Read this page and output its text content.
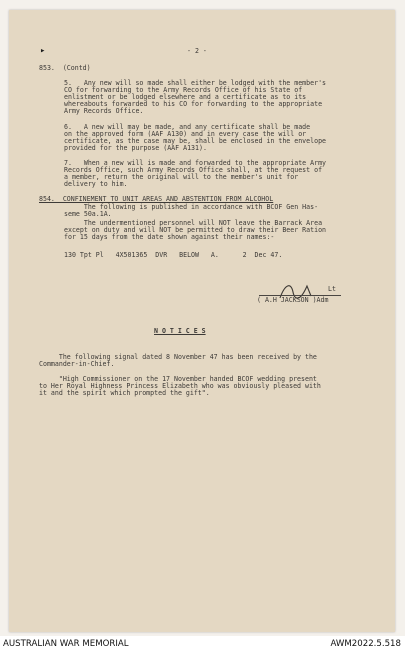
▸	- 2 -
853.  (Contd)
5.   Any new will so made shall either be lodged with the member's
CO for forwarding to the Army Records Office of his State of
enlistment or be lodged elsewhere and a certificate as to its
whereabouts forwarded to his CO for forwarding to the appropriate
Army Records Office.
6.   A new will may be made, and any certificate shall be made
on the approved form (AAF A130) and in every case the will or
certificate, as the case may be, shall be enclosed in the envelope
provided for the purpose (AAF A131).
7.   When a new will is made and forwarded to the appropriate Army
Records Office, such Army Records Office shall, at the request of
a member, return the original will to the member's unit for
delivery to him.
854.  CONFINEMENT TO UNIT AREAS AND ABSTENTION FROM ALCOHOL
The following is published in accordance with BCOF Gen Has-
seme 50a.1A.
The undermentioned personnel will NOT leave the Barrack Area
except on duty and will NOT be permitted to draw their Beer Ration
for 15 days from the date shown against their names:-
130 Tpt Pl   4X501365  DVR   BELOW   A.      2  Dec 47.
Lt
( A.H JACKSON )Adm
N O T I C E S
The following signal dated 8 November 47 has been received by the
Commander-in-Chief.
"High Commissioner on the 17 November handed BCOF wedding present
to Her Royal Highness Princess Elizabeth who was obviously pleased with
it and the spirit which prompted the gift".
AUSTRALIAN WAR MEMORIAL	AWM2022.5.518
